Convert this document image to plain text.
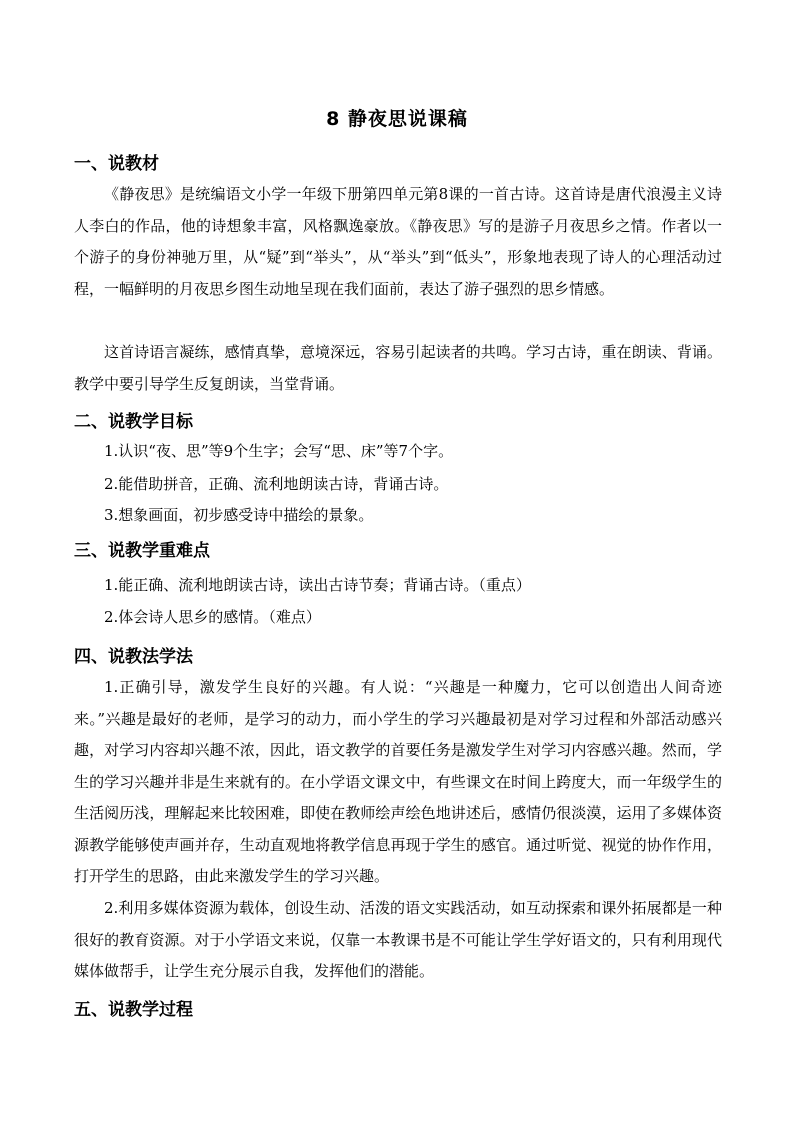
8 静夜思说课稿
一、说教材

《静夜思》是统编语文小学一年级下册第四单元第8课的一首古诗。这首诗是唐代浪漫主义诗人李白的作品，他的诗想象丰富，风格飘逸豪放。《静夜思》写的是游子月夜思乡之情。作者以一个游子的身份神驰万里，从“疑”到“举头”，从“举头”到“低头”，形象地表现了诗人的心理活动过程，一幅鲜明的月夜思乡图生动地呈现在我们面前，表达了游子强烈的思乡情感。

这首诗语言凝练，感情真挚，意境深远，容易引起读者的共鸣。学习古诗，重在朗读、背诵。教学中要引导学生反复朗读，当堂背诵。

二、说教学目标

1.认识“夜、思”等9个生字；会写“思、床”等7个字。

2.能借助拼音，正确、流利地朗读古诗，背诵古诗。

3.想象画面，初步感受诗中描绘的景象。

三、说教学重难点

1.能正确、流利地朗读古诗，读出古诗节奏；背诵古诗。（重点）

2.体会诗人思乡的感情。（难点）

四、说教法学法

1.正确引导，激发学生良好的兴趣。有人说：“兴趣是一种魔力，它可以创造出人间奇迹来。”兴趣是最好的老师，是学习的动力，而小学生的学习兴趣最初是对学习过程和外部活动感兴趣，对学习内容却兴趣不浓，因此，语文教学的首要任务是激发学生对学习内容感兴趣。然而，学生的学习兴趣并非是生来就有的。在小学语文课文中，有些课文在时间上跨度大，而一年级学生的生活阅历浅，理解起来比较困难，即使在教师绘声绘色地讲述后，感情仍很淡漠，运用了多媒体资源教学能够使声画并存，生动直观地将教学信息再现于学生的感官。通过听觉、视觉的协作作用，打开学生的思路，由此来激发学生的学习兴趣。

2.利用多媒体资源为载体，创设生动、活泼的语文实践活动，如互动探索和课外拓展都是一种很好的教育资源。对于小学语文来说，仅靠一本教课书是不可能让学生学好语文的，只有利用现代媒体做帮手，让学生充分展示自我，发挥他们的潜能。

五、说教学过程
